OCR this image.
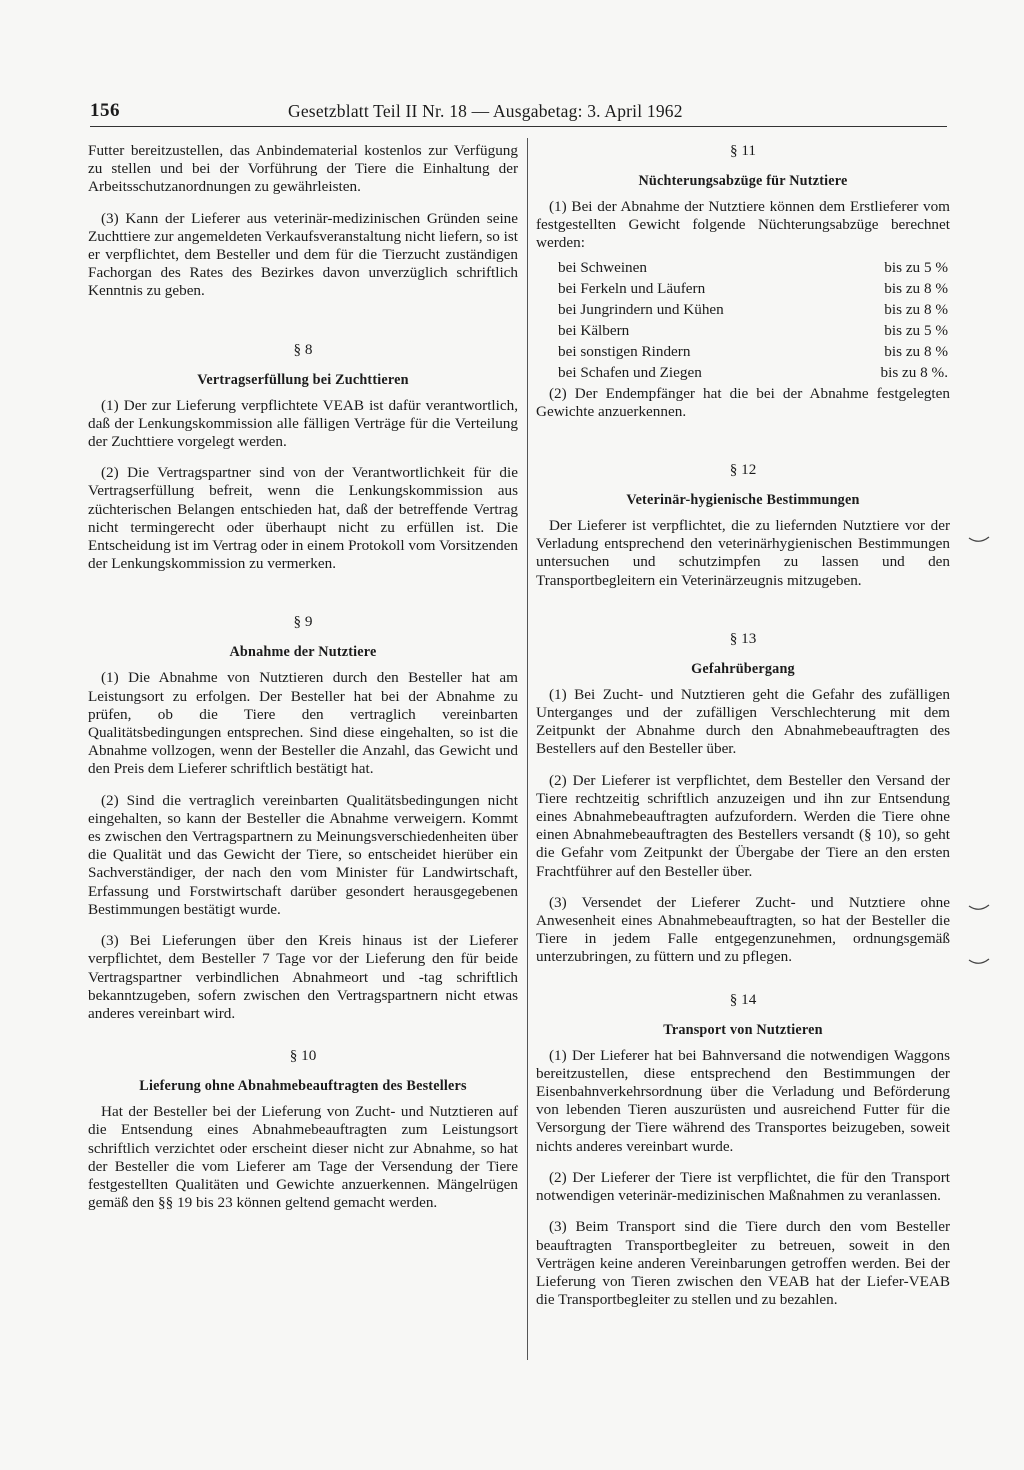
156	Gesetzblatt Teil II Nr. 18 — Ausgabetag: 3. April 1962

Futter bereitzustellen, das Anbindematerial kostenlos zur Verfügung zu stellen und bei der Vorführung der Tiere die Einhaltung der Arbeitsschutzanordnungen zu gewährleisten.

(3) Kann der Lieferer aus veterinär-medizinischen Gründen seine Zuchttiere zur angemeldeten Verkaufsveranstaltung nicht liefern, so ist er verpflichtet, dem Besteller und dem für die Tierzucht zuständigen Fachorgan des Rates des Bezirkes davon unverzüglich schriftlich Kenntnis zu geben.

§ 8
Vertragserfüllung bei Zuchttieren

(1) Der zur Lieferung verpflichtete VEAB ist dafür verantwortlich, daß der Lenkungskommission alle fälligen Verträge für die Verteilung der Zuchttiere vorgelegt werden.

(2) Die Vertragspartner sind von der Verantwortlichkeit für die Vertragserfüllung befreit, wenn die Lenkungskommission aus züchterischen Belangen entschieden hat, daß der betreffende Vertrag nicht termingerecht oder überhaupt nicht zu erfüllen ist. Die Entscheidung ist im Vertrag oder in einem Protokoll vom Vorsitzenden der Lenkungskommission zu vermerken.

§ 9
Abnahme der Nutztiere

(1) Die Abnahme von Nutztieren durch den Besteller hat am Leistungsort zu erfolgen. Der Besteller hat bei der Abnahme zu prüfen, ob die Tiere den vertraglich vereinbarten Qualitätsbedingungen entsprechen. Sind diese eingehalten, so ist die Abnahme vollzogen, wenn der Besteller die Anzahl, das Gewicht und den Preis dem Lieferer schriftlich bestätigt hat.

(2) Sind die vertraglich vereinbarten Qualitätsbedingungen nicht eingehalten, so kann der Besteller die Abnahme verweigern. Kommt es zwischen den Vertragspartnern zu Meinungsverschiedenheiten über die Qualität und das Gewicht der Tiere, so entscheidet hierüber ein Sachverständiger, der nach den vom Minister für Landwirtschaft, Erfassung und Forstwirtschaft darüber gesondert herausgegebenen Bestimmungen bestätigt wurde.

(3) Bei Lieferungen über den Kreis hinaus ist der Lieferer verpflichtet, dem Besteller 7 Tage vor der Lieferung den für beide Vertragspartner verbindlichen Abnahmeort und -tag schriftlich bekanntzugeben, sofern zwischen den Vertragspartnern nicht etwas anderes vereinbart wird.

§ 10
Lieferung ohne Abnahmebeauftragten des Bestellers

Hat der Besteller bei der Lieferung von Zucht- und Nutztieren auf die Entsendung eines Abnahmebeauftragten zum Leistungsort schriftlich verzichtet oder erscheint dieser nicht zur Abnahme, so hat der Besteller die vom Lieferer am Tage der Versendung der Tiere festgestellten Qualitäten und Gewichte anzuerkennen. Mängelrügen gemäß den §§ 19 bis 23 können geltend gemacht werden.

§ 11
Nüchterungsabzüge für Nutztiere

(1) Bei der Abnahme der Nutztiere können dem Erstlieferer vom festgestellten Gewicht folgende Nüchterungsabzüge berechnet werden:

bei Schweinen	bis zu 5 %
bei Ferkeln und Läufern	bis zu 8 %
bei Jungrindern und Kühen	bis zu 8 %
bei Kälbern	bis zu 5 %
bei sonstigen Rindern	bis zu 8 %
bei Schafen und Ziegen	bis zu 8 %.

(2) Der Endempfänger hat die bei der Abnahme festgelegten Gewichte anzuerkennen.

§ 12
Veterinär-hygienische Bestimmungen

Der Lieferer ist verpflichtet, die zu liefernden Nutztiere vor der Verladung entsprechend den veterinärhygienischen Bestimmungen untersuchen und schutzimpfen zu lassen und den Transportbegleitern ein Veterinärzeugnis mitzugeben.

§ 13
Gefahrübergang

(1) Bei Zucht- und Nutztieren geht die Gefahr des zufälligen Unterganges und der zufälligen Verschlechterung mit dem Zeitpunkt der Abnahme durch den Abnahmebeauftragten des Bestellers auf den Besteller über.

(2) Der Lieferer ist verpflichtet, dem Besteller den Versand der Tiere rechtzeitig schriftlich anzuzeigen und ihn zur Entsendung eines Abnahmebeauftragten aufzufordern. Werden die Tiere ohne einen Abnahmebeauftragten des Bestellers versandt (§ 10), so geht die Gefahr vom Zeitpunkt der Übergabe der Tiere an den ersten Frachtführer auf den Besteller über.

(3) Versendet der Lieferer Zucht- und Nutztiere ohne Anwesenheit eines Abnahmebeauftragten, so hat der Besteller die Tiere in jedem Falle entgegenzunehmen, ordnungsgemäß unterzubringen, zu füttern und zu pflegen.

§ 14
Transport von Nutztieren

(1) Der Lieferer hat bei Bahnversand die notwendigen Waggons bereitzustellen, diese entsprechend den Bestimmungen der Eisenbahnverkehrsordnung über die Verladung und Beförderung von lebenden Tieren auszurüsten und ausreichend Futter für die Versorgung der Tiere während des Transportes beizugeben, soweit nichts anderes vereinbart wurde.

(2) Der Lieferer der Tiere ist verpflichtet, die für den Transport notwendigen veterinär-medizinischen Maßnahmen zu veranlassen.

(3) Beim Transport sind die Tiere durch den vom Besteller beauftragten Transportbegleiter zu betreuen, soweit in den Verträgen keine anderen Vereinbarungen getroffen werden. Bei der Lieferung von Tieren zwischen den VEAB hat der Liefer-VEAB die Transportbegleiter zu stellen und zu bezahlen.
